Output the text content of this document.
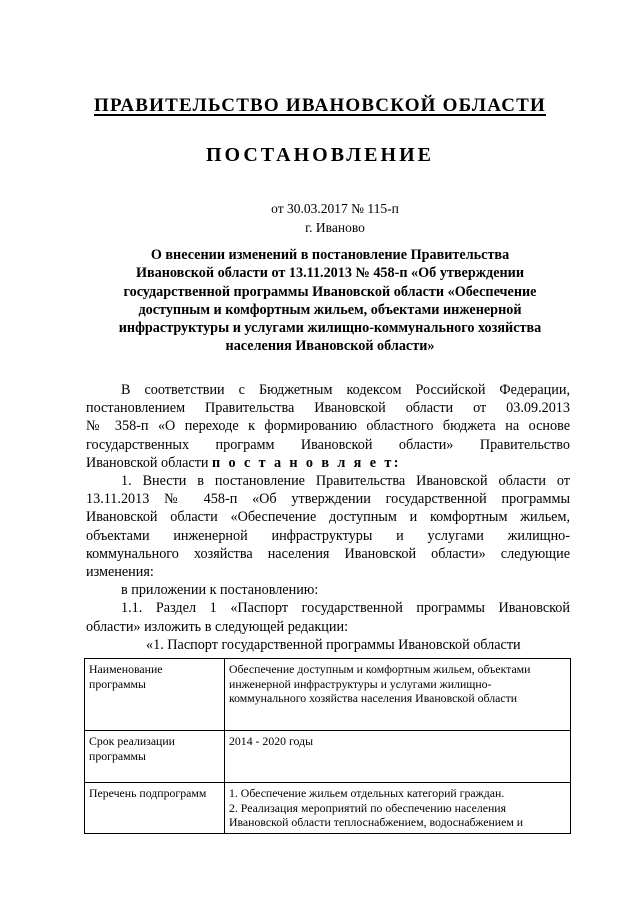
ПРАВИТЕЛЬСТВО ИВАНОВСКОЙ ОБЛАСТИ
ПОСТАНОВЛЕНИЕ
от 30.03.2017 № 115-п
г. Иваново
О внесении изменений в постановление Правительства
Ивановской области от 13.11.2013 № 458-п «Об утверждении
государственной программы Ивановской области «Обеспечение
доступным и комфортным жильем, объектами инженерной
инфраструктуры и услугами жилищно-коммунального хозяйства
населения Ивановской области»
В соответствии с Бюджетным кодексом Российской Федерации,
постановлением Правительства Ивановской области от 03.09.2013
№ 358-п «О переходе к формированию областного бюджета на основе
государственных программ Ивановской области» Правительство
Ивановской области п о с т а н о в л я е т:
1. Внести в постановление Правительства Ивановской области от
13.11.2013 № 458-п «Об утверждении государственной программы
Ивановской области «Обеспечение доступным и комфортным жильем,
объектами инженерной инфраструктуры и услугами жилищно-
коммунального хозяйства населения Ивановской области» следующие
изменения:
в приложении к постановлению:
1.1. Раздел 1 «Паспорт государственной программы Ивановской
области» изложить в следующей редакции:
«1. Паспорт государственной программы Ивановской области
Наименование программы	Обеспечение доступным и комфортным жильем, объектами инженерной инфраструктуры и услугами жилищно-коммунального хозяйства населения Ивановской области
Срок реализации программы	2014 - 2020 годы
Перечень подпрограмм	1. Обеспечение жильем отдельных категорий граждан.
2. Реализация мероприятий по обеспечению населения Ивановской области теплоснабжением, водоснабжением и
